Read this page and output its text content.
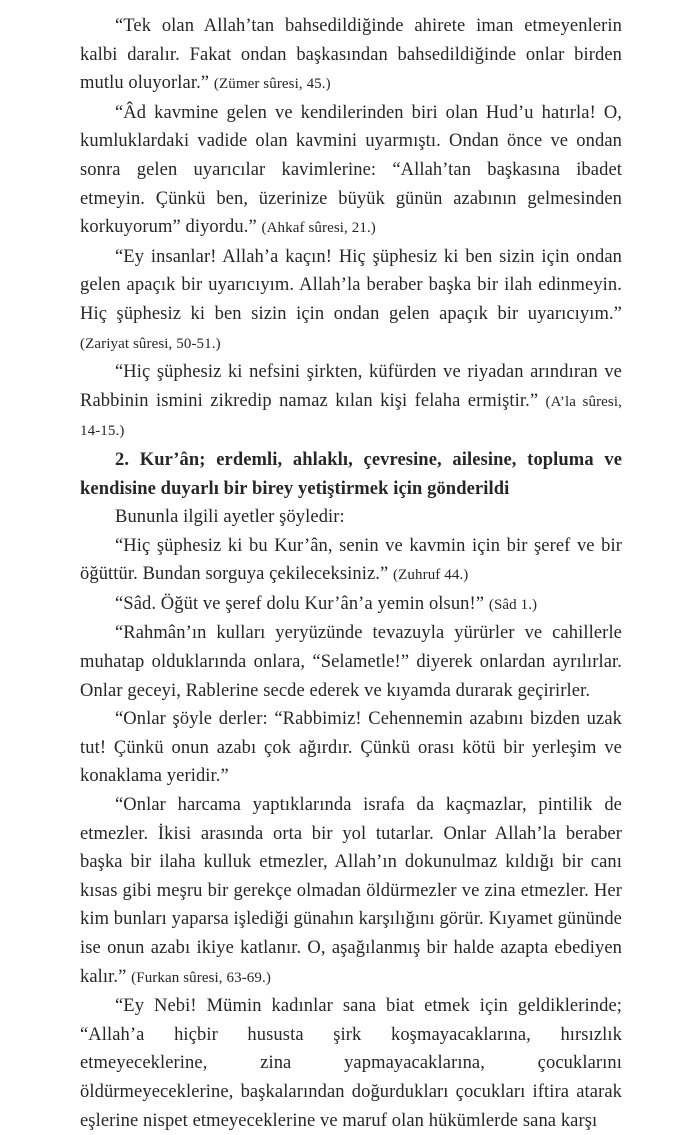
“Tek olan Allah’tan bahsedildiğinde ahirete iman etmeyenlerin kalbi daralır. Fakat ondan başkasından bahsedildiğinde onlar birden mutlu oluyorlar.” (Zümer sûresi, 45.)

“Âd kavmine gelen ve kendilerinden biri olan Hud’u hatırla! O, kumluklardaki vadide olan kavmini uyarmıştı. Ondan önce ve ondan sonra gelen uyarıcılar kavimlerine: “Allah’tan başkasına ibadet etmeyin. Çünkü ben, üzerinize büyük günün azabının gelmesinden korkuyorum” diyordu.” (Ahkaf sûresi, 21.)

“Ey insanlar! Allah’a kaçın! Hiç şüphesiz ki ben sizin için ondan gelen apaçık bir uyarıcıyım. Allah’la beraber başka bir ilah edinmeyin. Hiç şüphesiz ki ben sizin için ondan gelen apaçık bir uyarıcıyım.” (Zariyat sûresi, 50-51.)

“Hiç şüphesiz ki nefsini şirkten, küfürden ve riyadan arındıran ve Rabbinin ismini zikredip namaz kılan kişi felaha ermiştir.” (A’la sûresi, 14-15.)

2. Kur’ân; erdemli, ahlaklı, çevresine, ailesine, topluma ve kendisine duyarlı bir birey yetiştirmek için gönderildi

Bununla ilgili ayetler şöyledir:

“Hiç şüphesiz ki bu Kur’ân, senin ve kavmin için bir şeref ve bir öğüttür. Bundan sorguya çekileceksiniz.” (Zuhruf 44.)

“Sâd. Öğüt ve şeref dolu Kur’ân’a yemin olsun!” (Sâd 1.)

“Rahmân’ın kulları yeryüzünde tevazuyla yürürler ve cahillerle muhatap olduklarında onlara, “Selametle!” diyerek onlardan ayrılırlar. Onlar geceyi, Rablerine secde ederek ve kıyamda durarak geçirirler.

“Onlar şöyle derler: “Rabbimiz! Cehennemin azabını bizden uzak tut! Çünkü onun azabı çok ağırdır. Çünkü orası kötü bir yerleşim ve konaklama yeridir.”

“Onlar harcama yaptıklarında israfa da kaçmazlar, pintilik de etmezler. İkisi arasında orta bir yol tutarlar. Onlar Allah’la beraber başka bir ilaha kulluk etmezler, Allah’ın dokunulmaz kıldığı bir canı kısas gibi meşru bir gerekçe olmadan öldürmezler ve zina etmezler. Her kim bunları yaparsa işlediği günahın karşılığını görür. Kıyamet gününde ise onun azabı ikiye katlanır. O, aşağılanmış bir halde azapta ebediyen kalır.” (Furkan sûresi, 63-69.)

“Ey Nebi! Mümin kadınlar sana biat etmek için geldiklerinde; “Allah’a hiçbir hususta şirk koşmayacaklarına, hırsızlık etmeyeceklerine, zina yapmayacaklarına, çocuklarını öldürmeyeceklerine, başkalarından doğurdukları çocukları iftira atarak eşlerine nispet etmeyeceklerine ve maruf olan hükümlerde sana karşı
